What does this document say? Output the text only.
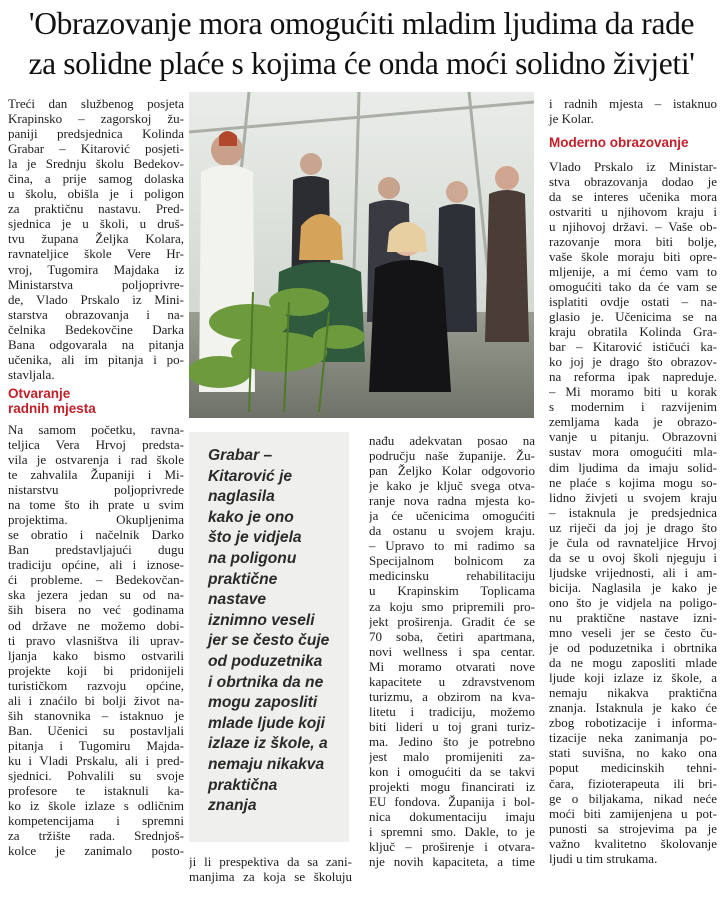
'Obrazovanje mora omogućiti mladim ljudima da rade
za solidne plaće s kojima će onda moći solidno živjeti'

Treći dan službenog posjeta

Krapinsko – zagorskoj žu-

paniji predsjednica Kolinda

Grabar – Kitarović posjeti-

la je Srednju školu Bedekov-

čina, a prije samog dolaska

u školu, obišla je i poligon

za praktičnu nastavu. Pred-

sjednica je u školi, u druš-

tvu župana Željka Kolara,

ravnateljice škole Vere Hr-

vroj, Tugomira Majdaka iz

Ministarstva poljoprivre-

de, Vlado Prskalo iz Mini-

starstva obrazovanja i na-

čelnika Bedekovčine Darka

Bana odgovarala na pitanja

učenika, ali im pitanja i po-

stavljala.

Otvaranje
radnih mjesta

Na samom početku, ravna-

teljica Vera Hrvoj predsta-

vila je ostvarenja i rad škole

te zahvalila Županiji i Mi-

nistarstvu poljoprivrede

na tome što ih prate u svim

projektima. Okupljenima

se obratio i načelnik Darko

Ban predstavljajući dugu

tradiciju općine, ali i iznose-

ći probleme. – Bedekovčan-

ska jezera jedan su od na-

ših bisera no već godinama

od države ne možemo dobi-

ti pravo vlasništva ili uprav-

ljanja kako bismo ostvarili

projekte koji bi pridonijeli

turističkom razvoju općine,

ali i znaćilo bi bolji život na-

ših stanovnika – istaknuo je

Ban. Učenici su postavljali

pitanja i Tugomiru Majda-

ku i Vladi Prskalu, ali i pred-

sjednici. Pohvalili su svoje

profesore te istaknuli ka-

ko iz škole izlaze s odličnim

kompetencijama i spremni

za tržište rada. Srednjoš-

kolce je zanimalo posto-

Grabar –
Kitarović je
naglasila
kako je ono
što je vidjela
na poligonu
praktične
nastave
iznimno veseli
jer se često čuje
od poduzetnika
i obrtnika da ne
mogu zaposliti
mladе ljude koji
izlaze iz škole, a
nemaju nikakva
praktična
znanja

ji li prespektiva da sa zani-

manjima za koja se školuju

nađu adekvatan posao na

području naše županije. Žu-

pan Željko Kolar odgovorio

je kako je ključ svega otva-

ranje nova radna mjesta ko-

ja će učenicima omogućiti

da ostanu u svojem kraju.

– Upravo to mi radimo sa

Specijalnom bolnicom za

medicinsku rehabilitaciju

u Krapinskim Toplicama

za koju smo pripremili pro-

jekt proširenja. Gradit će se

70 soba, četiri apartmana,

novi wellness i spa centar.

Mi moramo otvarati nove

kapacitete u zdravstvenom

turizmu, a obzirom na kva-

litetu i tradiciju, možemo

biti lideri u toj grani turiz-

ma. Jedino što je potrebno

jest malo promijeniti za-

kon i omogućiti da se takvi

projekti mogu financirati iz

EU fondova. Županija i bol-

nica dokumentaciju imaju

i spremni smo. Dakle, to je

ključ – proširenje i otvara-

nje novih kapaciteta, a time

i radnih mjesta – istaknuo

je Kolar.

Moderno obrazovanje

Vlado Prskalo iz Ministar-

stva obrazovanja dodao je

da se interes učenika mora

ostvariti u njihovom kraju i

u njihovoj državi. – Vaše ob-

razovanje mora biti bolje,

vaše škole moraju biti opre-

mljenije, a mi ćemo vam to

omogućiti tako da će vam se

isplatiti ovdje ostati – na-

glasio je. Učenicima se na

kraju obratila Kolinda Gra-

bar – Kitarović ističući ka-

ko joj je drago što obrazov-

na reforma ipak napreduje.

– Mi moramo biti u korak

s modernim i razvijenim

zemljama kada je obrazo-

vanje u pitanju. Obrazovni

sustav mora omogućiti mla-

dim ljudima da imaju solid-

ne plaće s kojima mogu so-

lidno živjeti u svojem kraju

– istaknula je predsjednica

uz riječi da joj je drago što

je čula od ravnateljice Hrvoj

da se u ovoj školi njeguju i

ljudske vrijednosti, ali i am-

bicija. Naglasila je kako je

ono što je vidjela na poligo-

nu praktične nastave izni-

mno veseli jer se često ču-

je od poduzetnika i obrtnika

da ne mogu zaposliti mlade

ljude koji izlaze iz škole, a

nemaju nikakva praktična

znanja. Istaknula je kako će

zbog robotizacije i informa-

tizacije neka zanimanja po-

stati suvišna, no kako ona

poput medicinskih tehni-

čara, fizioterapeuta ili bri-

ge o biljakama, nikad neće

moći biti zamijenjena u pot-

punosti sa strojevima pa je

važno kvalitetno školovanje

ljudi u tim strukama.
